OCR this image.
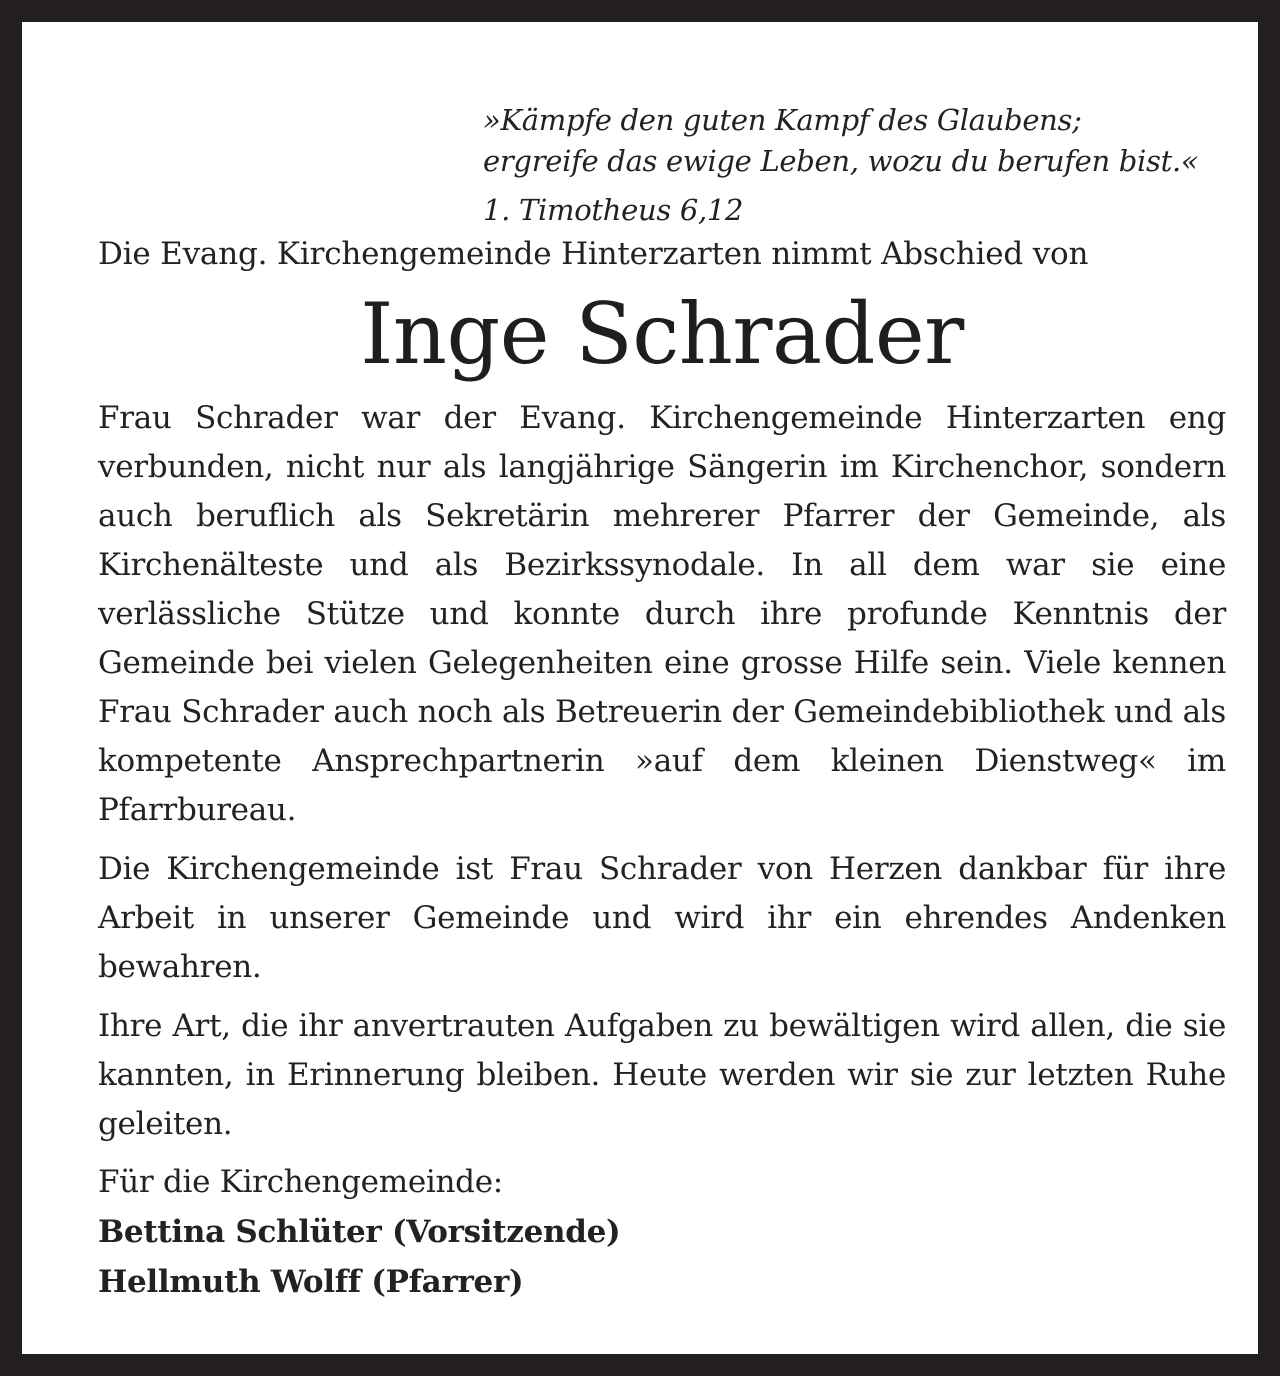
»Kämpfe den guten Kampf des Glaubens;
ergreife das ewige Leben, wozu du berufen bist.«
1. Timotheus 6,12
Die Evang. Kirchengemeinde Hinterzarten nimmt Abschied von
Inge Schrader

Frau Schrader war der Evang. Kirchengemeinde Hinterzarten eng verbunden, nicht nur als langjährige Sängerin im Kirchenchor, sondern auch beruflich als Sekretärin mehrerer Pfarrer der Gemeinde, als Kirchenälteste und als Bezirkssynodale. In all dem war sie eine verlässliche Stütze und konnte durch ihre profunde Kenntnis der Gemeinde bei vielen Gelegenheiten eine grosse Hilfe sein. Viele kennen Frau Schrader auch noch als Betreuerin der Gemeindebibliothek und als kompetente Ansprechpartnerin »auf dem kleinen Dienstweg« im Pfarrbureau.

Die Kirchengemeinde ist Frau Schrader von Herzen dankbar für ihre Arbeit in unserer Gemeinde und wird ihr ein ehrendes Andenken bewahren.

Ihre Art, die ihr anvertrauten Aufgaben zu bewältigen wird allen, die sie kannten, in Erinnerung bleiben. Heute werden wir sie zur letzten Ruhe geleiten.

Für die Kirchengemeinde:
Bettina Schlüter (Vorsitzende)
Hellmuth Wolff (Pfarrer)
